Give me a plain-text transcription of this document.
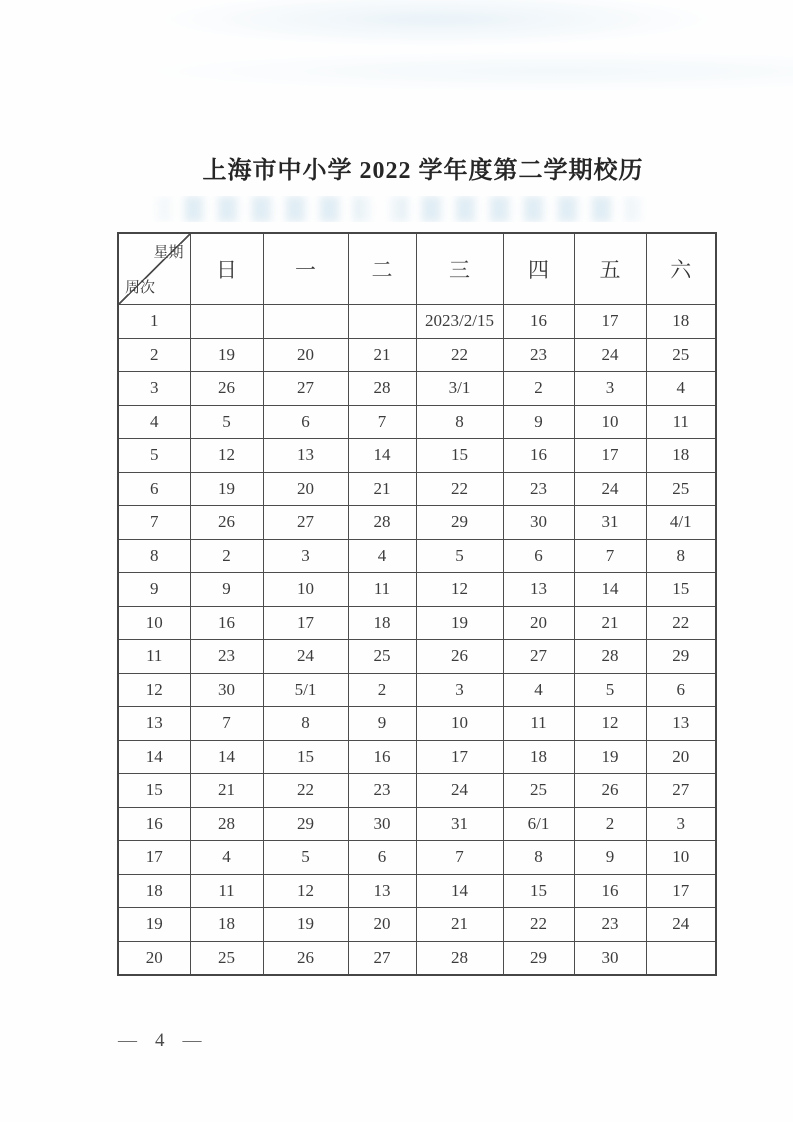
上海市中小学 2022 学年度第二学期校历
星期
周次	日	一	二	三	四	五	六
1				2023/2/15	16	17	18
2	19	20	21	22	23	24	25
3	26	27	28	3/1	2	3	4
4	5	6	7	8	9	10	11
5	12	13	14	15	16	17	18
6	19	20	21	22	23	24	25
7	26	27	28	29	30	31	4/1
8	2	3	4	5	6	7	8
9	9	10	11	12	13	14	15
10	16	17	18	19	20	21	22
11	23	24	25	26	27	28	29
12	30	5/1	2	3	4	5	6
13	7	8	9	10	11	12	13
14	14	15	16	17	18	19	20
15	21	22	23	24	25	26	27
16	28	29	30	31	6/1	2	3
17	4	5	6	7	8	9	10
18	11	12	13	14	15	16	17
19	18	19	20	21	22	23	24
20	25	26	27	28	29	30	
— 4 —
